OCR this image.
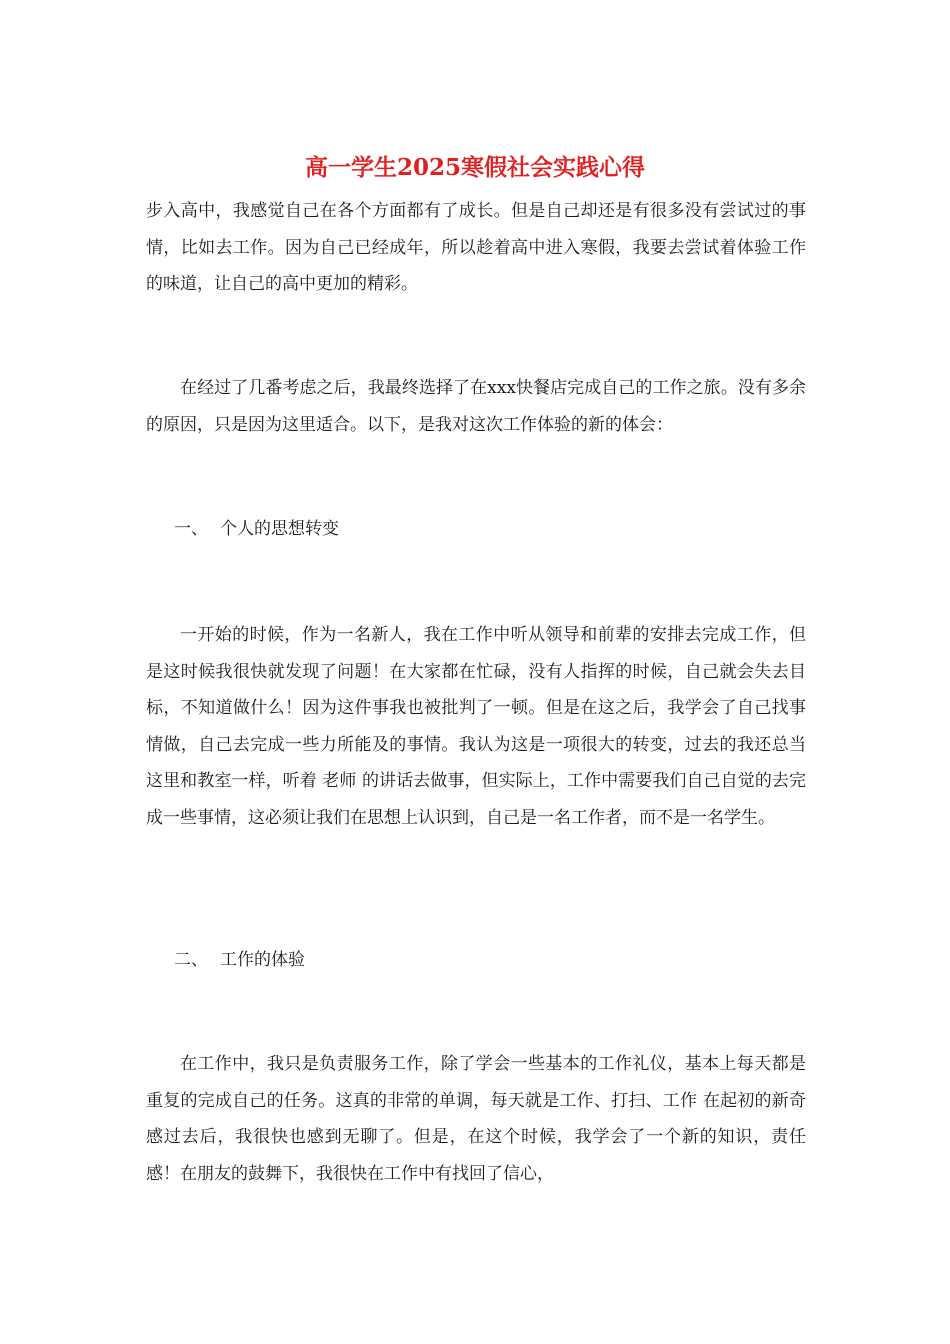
高一学生2025寒假社会实践心得

步入高中，我感觉自己在各个方面都有了成长。但是自己却还是有很多没有尝试过的事情，比如去工作。因为自己已经成年，所以趁着高中进入寒假，我要去尝试着体验工作的味道，让自己的高中更加的精彩。

在经过了几番考虑之后，我最终选择了在xxx快餐店完成自己的工作之旅。没有多余的原因，只是因为这里适合。以下，是我对这次工作体验的新的体会：

一、 个人的思想转变

一开始的时候，作为一名新人，我在工作中听从领导和前辈的安排去完成工作，但是这时候我很快就发现了问题！在大家都在忙碌，没有人指挥的时候，自己就会失去目标，不知道做什么！因为这件事我也被批判了一顿。但是在这之后，我学会了自己找事情做，自己去完成一些力所能及的事情。我认为这是一项很大的转变，过去的我还总当这里和教室一样，听着 老师 的讲话去做事，但实际上，工作中需要我们自己自觉的去完成一些事情，这必须让我们在思想上认识到，自己是一名工作者，而不是一名学生。

二、 工作的体验

在工作中，我只是负责服务工作，除了学会一些基本的工作礼仪，基本上每天都是重复的完成自己的任务。这真的非常的单调，每天就是工作、打扫、工作 在起初的新奇感过去后，我很快也感到无聊了。但是，在这个时候，我学会了一个新的知识，责任感！在朋友的鼓舞下，我很快在工作中有找回了信心，
